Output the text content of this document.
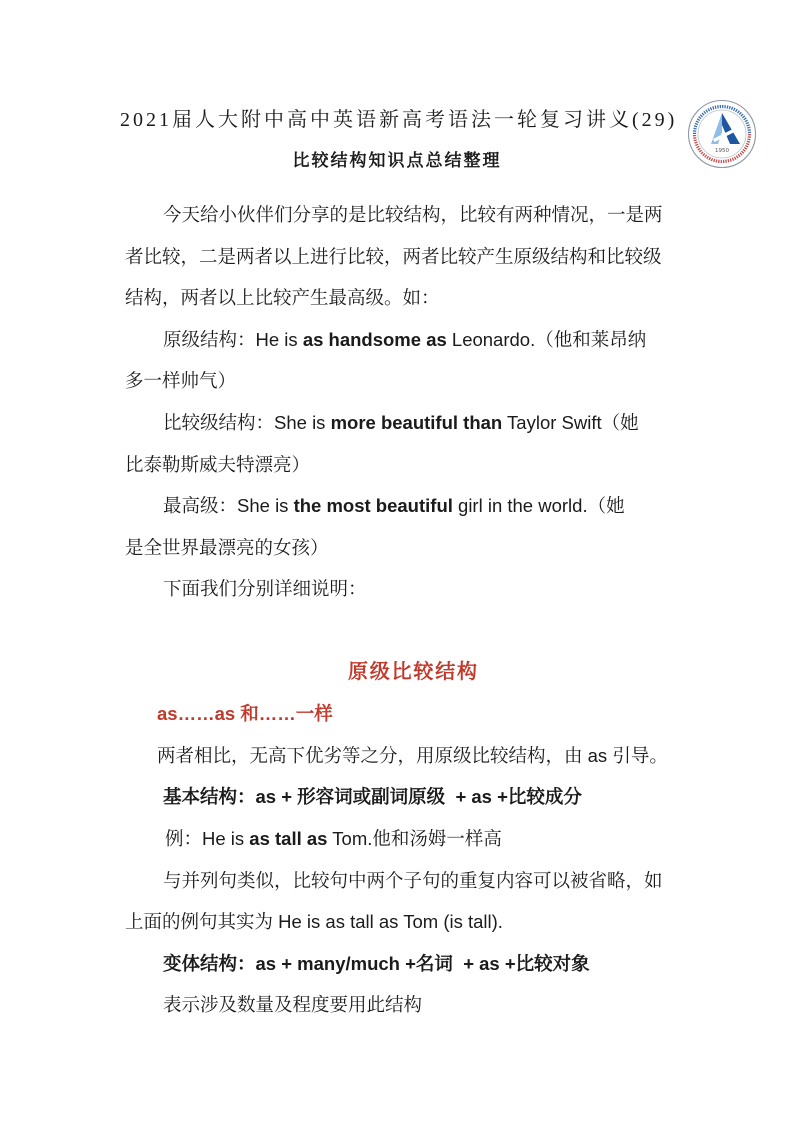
2021届人大附中高中英语新高考语法一轮复习讲义(29)
1950
比较结构知识点总结整理
今天给小伙伴们分享的是比较结构，比较有两种情况，一是两
者比较，二是两者以上进行比较，两者比较产生原级结构和比较级
结构，两者以上比较产生最高级。如：
原级结构：He is as handsome as Leonardo.（他和莱昂纳
多一样帅气）
比较级结构：She is more beautiful than Taylor Swift（她
比泰勒斯威夫特漂亮）
最高级：She is the most beautiful girl in the world.（她
是全世界最漂亮的女孩）
下面我们分别详细说明：
原级比较结构
as……as 和……一样
两者相比，无高下优劣等之分，用原级比较结构，由 as 引导。
基本结构：as + 形容词或副词原级  + as +比较成分
例：He is as tall as Tom.他和汤姆一样高
与并列句类似，比较句中两个子句的重复内容可以被省略，如
上面的例句其实为 He is as tall as Tom (is tall).
变体结构：as + many/much +名词  + as +比较对象
表示涉及数量及程度要用此结构
